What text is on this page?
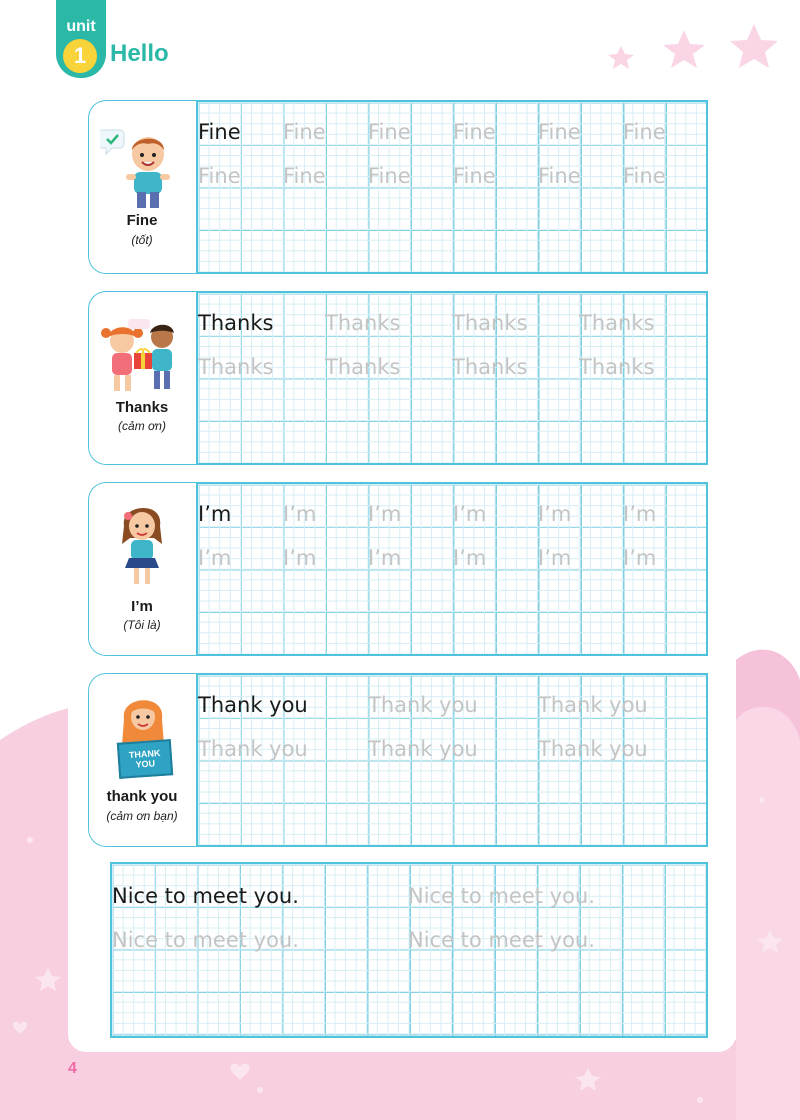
unit
1 Hello
Fine
(tốt)
Fine Fine Fine Fine Fine Fine
Fine Fine Fine Fine Fine Fine
Thanks
(cảm ơn)
Thanks Thanks Thanks Thanks
Thanks Thanks Thanks Thanks
I’m
(Tôi là)
I’m I’m I’m I’m I’m I’m
I’m I’m I’m I’m I’m I’m
THANK YOU
thank you
(cảm ơn bạn)
Thank you	Thank you	Thank you
Thank you	Thank you	Thank you
Nice to meet you.	Nice to meet you.
Nice to meet you.	Nice to meet you.
4
